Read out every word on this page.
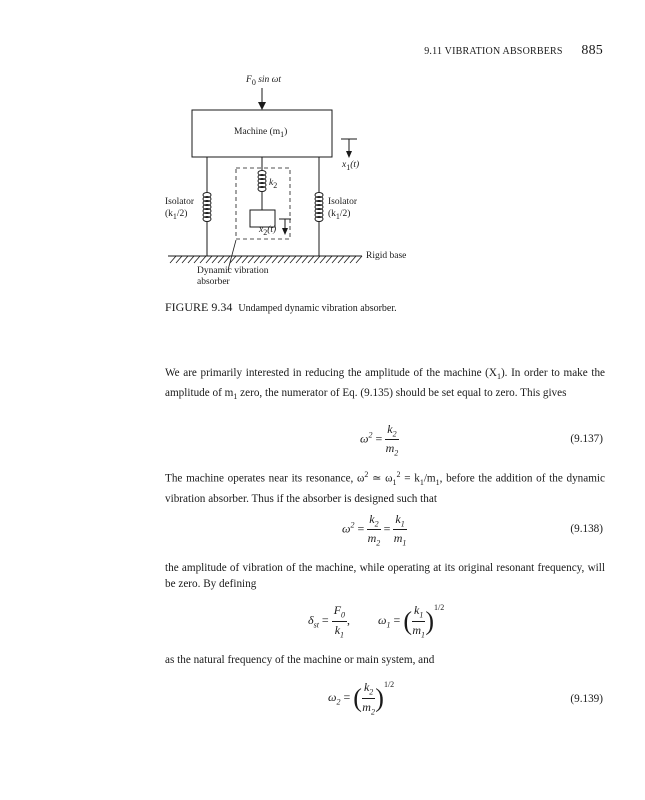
9.11 VIBRATION ABSORBERS 885
$F_0$ sin ωt
Machine $(m_1)$
$x_1(t)$
$k_2$
$x_2(t)$
Isolator
$(k_1/2)$
Isolator
$(k_1/2)$
Rigid base
Dynamic vibration
absorber
FIGURE 9.34 Undamped dynamic vibration absorber.
We are primarily interested in reducing the amplitude of the machine $(X_1)$. In order to make the amplitude of $m_1$ zero, the numerator of Eq. (9.135) should be set equal to zero. This gives
$\omega^2 = \frac{k_2}{m_2}$	(9.137)
The machine operates near its resonance, $\omega^2$ ≃ $\omega_1^2 = k_1/m_1$, before the addition of the dynamic vibration absorber. Thus if the absorber is designed such that
$\omega^2 = \frac{k_2}{m_2} = \frac{k_1}{m_1}$	(9.138)
the amplitude of vibration of the machine, while operating at its original resonant frequency, will be zero. By defining
$\delta_{st} = \frac{F_0}{k_1}$ , $\omega_1$ = ( $\frac{k_1}{m_1} )^{1/2}$
as the natural frequency of the machine or main system, and
$\omega_2$ = ( $\frac{k_2}{m_2} )^{1/2}$
(9.139)
